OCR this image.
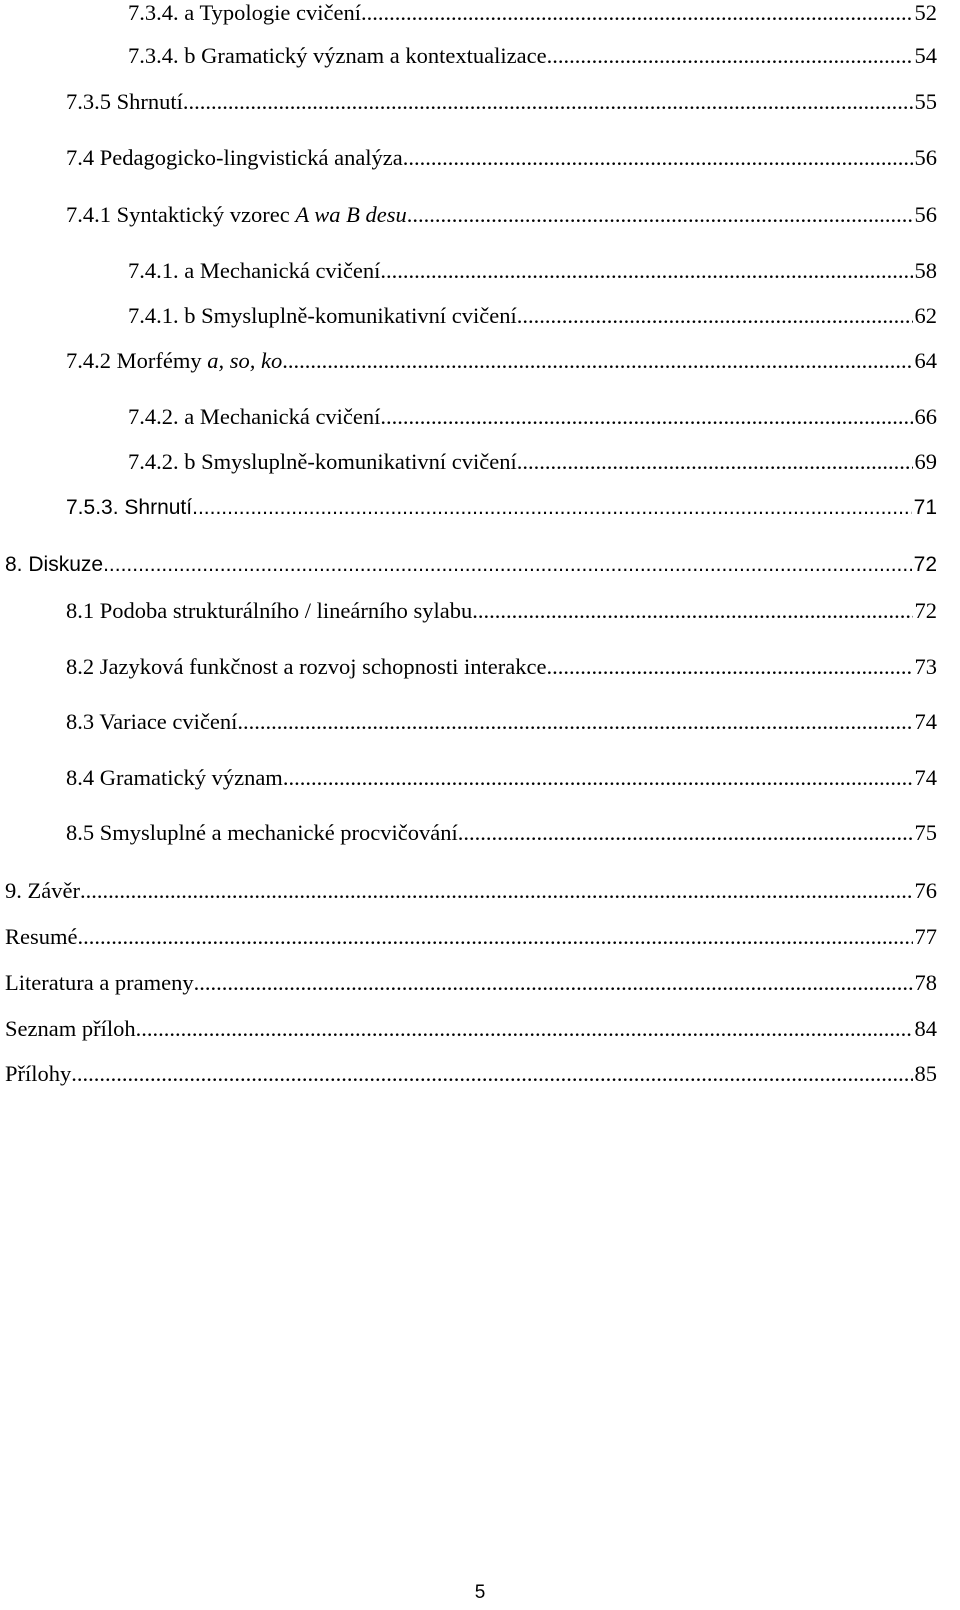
7.3.4. a Typologie cvičení .....	52
7.3.4. b Gramatický význam a kontextualizace .....	54
7.3.5 Shrnutí .....	55
7.4 Pedagogicko-lingvistická analýza .....	56
7.4.1 Syntaktický vzorec A wa B desu .....	56
7.4.1. a Mechanická cvičení .....	58
7.4.1. b Smysluplně-komunikativní cvičení .....	62
7.4.2 Morfémy a, so, ko .....	64
7.4.2. a Mechanická cvičení .....	66
7.4.2. b Smysluplně-komunikativní cvičení .....	69
7.5.3. Shrnutí .....	71
8. Diskuze .....	72
8.1 Podoba strukturálního / lineárního sylabu .....	72
8.2 Jazyková funkčnost a rozvoj schopnosti interakce .....	73
8.3 Variace cvičení .....	74
8.4 Gramatický význam .....	74
8.5 Smysluplné a mechanické procvičování .....	75
9. Závěr .....	76
Resumé .....	77
Literatura a prameny .....	78
Seznam příloh .....	84
Přílohy .....	85
5
